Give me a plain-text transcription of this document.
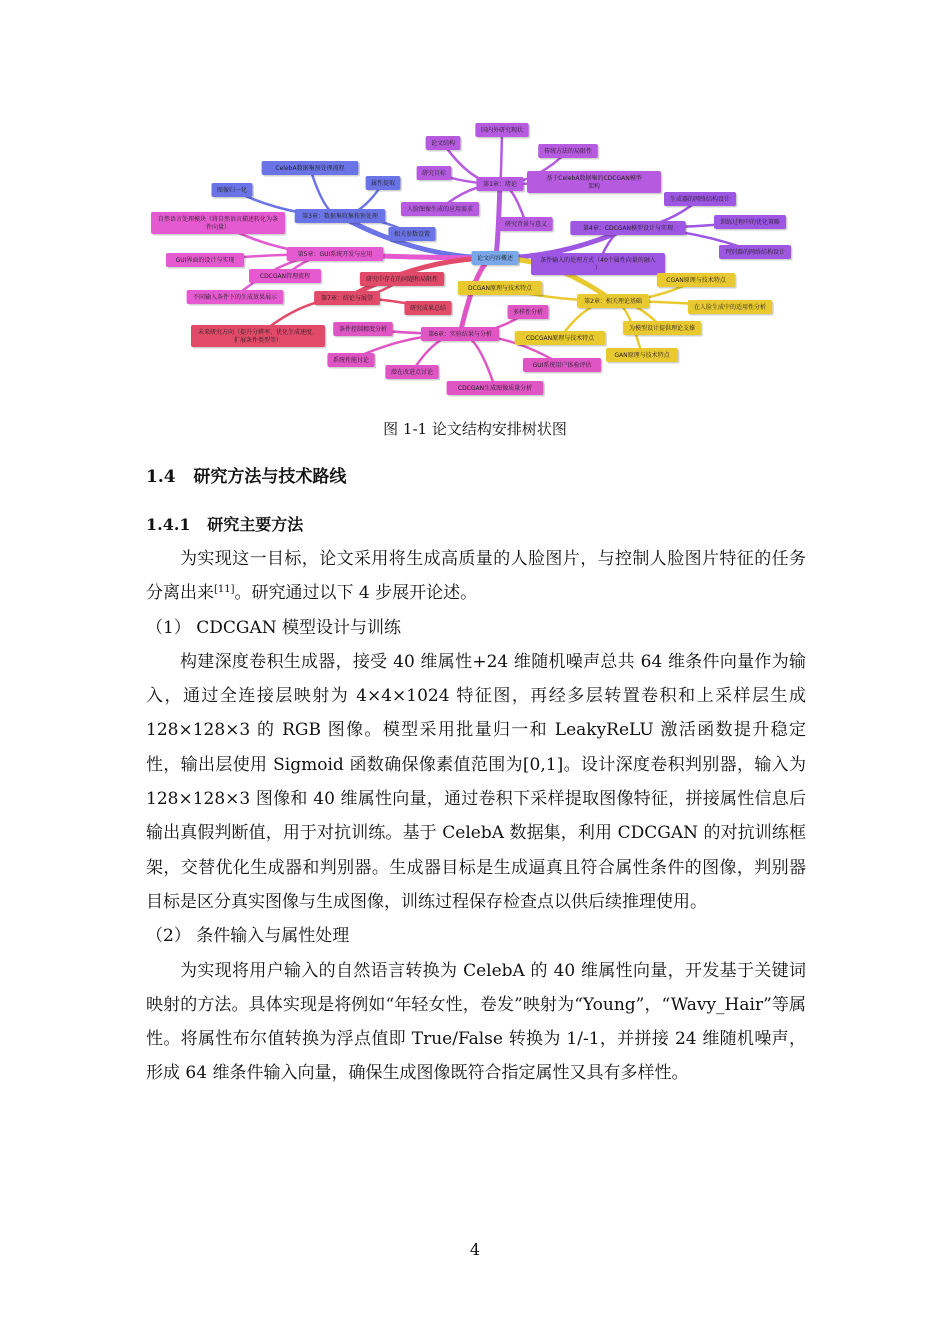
国内外研究现状
论文结构
研究目标
传统方法的局限性
基于CelebA数据集的CDCGAN模型
架构
人脸图像生成的应用需求
研究背景与意义
第1章：绪论
CelebA数据集预处理流程
图像归一化
属性提取
相关参数设置
第3章：数据集收集和预处理
生成器的网络结构设计
训练过程中的优化策略
判别器的网络结构设计
条件输入的处理方式（40个属性向量的融入
）
第4章：CDCGAN模型设计与实现
自然语言处理模块（将自然语言描述转化为条
件向量）
GUI界面的设计与实现
CDCGAN管理流程
不同输入条件下的生成效果展示
第5章：GUI系统开发与应用
DCGAN原理与技术特点
CGAN原理与技术特点
在人脸生成中的适用性分析
为模型设计提供理论支撑
CDCGAN原理与技术特点
GAN原理与技术特点
第2章：相关理论基础
研究中存在的问题和局限性
研究成果总结
未来研究方向（提升分辨率、优化生成速度、
扩展条件类型等）
第7章：结论与展望
多样性分析
条件控制精度分析
系统性能讨论
GUI系统用户体验评估
潜在改进点讨论
CDCGAN生成图像质量分析
第6章：实验结果与分析
论文内容概述
图 1-1 论文结构安排树状图
1.4 研究方法与技术路线
1.4.1 研究主要方法

为实现这一目标，论文采用将生成高质量的人脸图片，与控制人脸图片特征的任务分离出来[11]。研究通过以下 4 步展开论述。

（1） CDCGAN 模型设计与训练

构建深度卷积生成器，接受 40 维属性+24 维随机噪声总共 64 维条件向量作为输入，通过全连接层映射为 4×4×1024 特征图，再经多层转置卷积和上采样层生成 128×128×3 的 RGB 图像。模型采用批量归一和 LeakyReLU 激活函数提升稳定性，输出层使用 Sigmoid 函数确保像素值范围为[0,1]。设计深度卷积判别器，输入为 128×128×3 图像和 40 维属性向量，通过卷积下采样提取图像特征，拼接属性信息后输出真假判断值，用于对抗训练。基于 CelebA 数据集，利用 CDCGAN 的对抗训练框架，交替优化生成器和判别器。生成器目标是生成逼真且符合属性条件的图像，判别器目标是区分真实图像与生成图像，训练过程保存检查点以供后续推理使用。

（2） 条件输入与属性处理

为实现将用户输入的自然语言转换为 CelebA 的 40 维属性向量，开发基于关键词映射的方法。具体实现是将例如“年轻女性，卷发”映射为“Young”，“Wavy_Hair”等属性。将属性布尔值转换为浮点值即 True/False 转换为 1/-1，并拼接 24 维随机噪声，形成 64 维条件输入向量，确保生成图像既符合指定属性又具有多样性。

4
